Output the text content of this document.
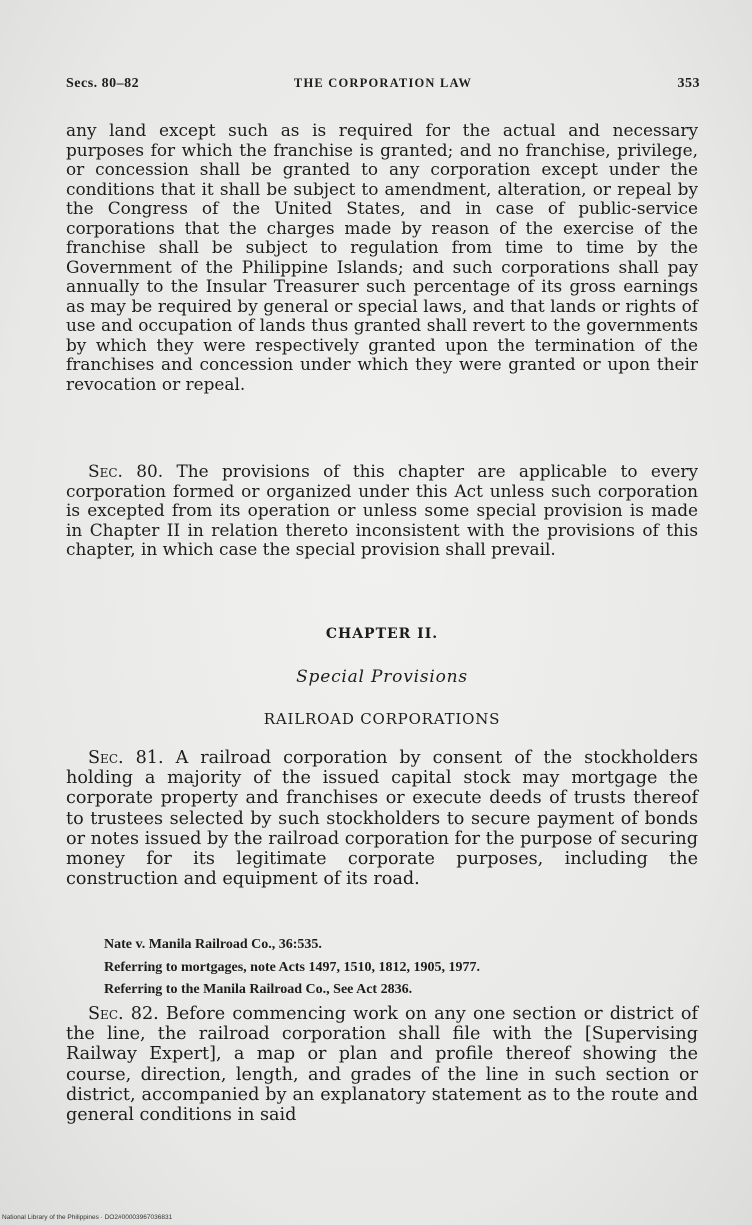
Secs. 80–82	THE CORPORATION LAW	353

any land except such as is required for the actual and necessary purposes for which the franchise is granted; and no franchise, privilege, or concession shall be granted to any corporation except under the conditions that it shall be subject to amendment, alteration, or repeal by the Congress of the United States, and in case of public-service corporations that the charges made by reason of the exercise of the franchise shall be subject to regulation from time to time by the Government of the Philippine Islands; and such corporations shall pay annually to the Insular Treasurer such percentage of its gross earnings as may be required by general or special laws, and that lands or rights of use and occupation of lands thus granted shall revert to the governments by which they were respectively granted upon the termination of the franchises and concession under which they were granted or upon their revocation or repeal.

Sec. 80. The provisions of this chapter are applicable to every corporation formed or organized under this Act unless such corporation is excepted from its operation or unless some special provision is made in Chapter II in relation thereto inconsistent with the provisions of this chapter, in which case the special provision shall prevail.

CHAPTER II.
Special Provisions
RAILROAD CORPORATIONS

Sec. 81. A railroad corporation by consent of the stockholders holding a majority of the issued capital stock may mortgage the corporate property and franchises or execute deeds of trusts thereof to trustees selected by such stockholders to secure payment of bonds or notes issued by the railroad corporation for the purpose of securing money for its legitimate corporate purposes, including the construction and equipment of its road.

Nate v. Manila Railroad Co., 36:535.
Referring to mortgages, note Acts 1497, 1510, 1812, 1905, 1977.
Referring to the Manila Railroad Co., See Act 2836.

Sec. 82. Before commencing work on any one section or district of the line, the railroad corporation shall file with the [Supervising Railway Expert], a map or plan and profile thereof showing the course, direction, length, and grades of the line in such section or district, accompanied by an explanatory statement as to the route and general conditions in said

National Library of the Philippines · DO2#00003967036831
